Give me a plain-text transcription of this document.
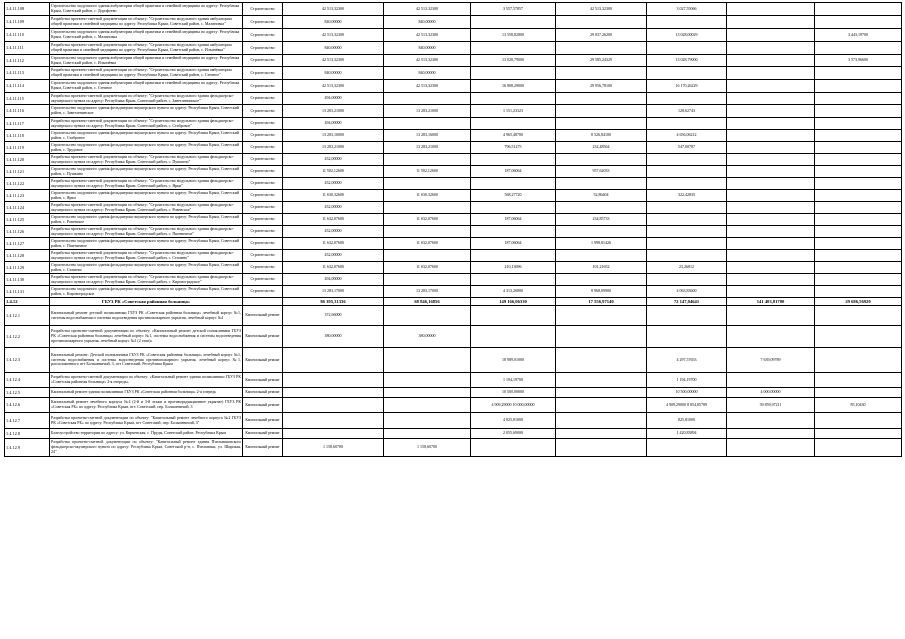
1.4.11.108	Строительство модульного здания амбулатории общей практики и семейной медицины по адресу: Республика Крым, Советский район, с. Дорофеево	Строительство	42 513,32300	42 513,32300	3 557,57857	42 513,32300	3 027,55066		
1.4.11.109	Разработка проектно-сметной документации по объекту: "Строительство модульного здания амбулатории общей практики и семейной медицины по адресу: Республика Крым, Советский район, с. Малиновка"	Строительство	840,00000	840,00000					
1.4.11.110	Строительство модульного здания амбулатории общей практики и семейной медицины по адресу: Республика Крым, Советский район, с. Малиновка	Строительство	42 513,32300	42 513,32300	13 558,82800	29 037,26200	13 028,00029		3 443,19700
1.4.11.111	Разработка проектно-сметной документации по объекту: "Строительство модульного здания амбулатории общей практики и семейной медицины по адресу: Республика Крым, Советский район, с. Ильичёвка"	Строительство	840,00000	840,00000					
1.4.11.112	Строительство модульного здания амбулатории общей практики и семейной медицины по адресу: Республика Крым, Советский район, с. Ильичёвка	Строительство	42 513,32300	42 513,32300	13 028,79000	29 585,24329	13 028,79000		3 573,96600
1.4.11.113	Разработка проектно-сметной документации по объекту: "Строительство модульного здания амбулатории общей практики и семейной медицины по адресу: Республика Крым, Советский район, с. Степное"	Строительство	840,00000	840,00000					
1.4.11.114	Строительство модульного здания амбулатории общей практики и семейной медицины по адресу: Республика Крым, Советский район, с. Степное	Строительство	42 513,32300	42 513,32300	16 908,29000	29 956,78100	16 170,26229		
1.4.11.115	Разработка проектно-сметной документации по объекту: "Строительство модульного здания фельдшерско-акушерского пункта по адресу: Республика Крым, Советский район, с. Заветленинское"	Строительство	494,00000						
1.4.11.116	Строительство модульного здания фельдшерско-акушерского пункта по адресу: Республика Крым, Советский район, с. Заветленинское	Строительство	13 283,21000	13 283,21000	1 151,23323		128,62743		
1.4.11.117	Разработка проектно-сметной документации по объекту: "Строительство модульного здания фельдшерско-акушерского пункта по адресу: Республика Крым, Советский район, с. Стабровое"	Строительство	494,00000						
1.4.11.118	Строительство модульного здания фельдшерско-акушерского пункта по адресу: Республика Крым, Советский район, с. Стабровое	Строительство	13 283,16000	13 283,16000	4 965,48700	8 526,84100	4 656,06212		
1.4.11.119	Строительство модульного здания фельдшерско-акушерского пункта по адресу: Республика Крым, Советский район, с. Трудовое	Строительство	13 283,21000	13 283,21000	796,51275	232,48564	547,00787		
1.4.11.120	Разработка проектно-сметной документации по объекту: "Строительство модульного здания фельдшерско-акушерского пункта по адресу: Республика Крым, Советский район, с. Пушкино"	Строительство	432,00000						
1.4.11.121	Строительство модульного здания фельдшерско-акушерского пункта по адресу: Республика Крым, Советский район, с. Пушкино	Строительство	11 502,12600	11 502,12600	187,06064	957,62033			
1.4.11.122	Разработка проектно-сметной документации по объекту: "Строительство модульного здания фельдшерско-акушерского пункта по адресу: Республика Крым, Советский район, с. Ярки"	Строительство	432,00000						
1.4.11.123	Строительство модульного здания фельдшерско-акушерского пункта по адресу: Республика Крым, Советский район, с. Ярки	Строительство	11 630,32600	11 630,32600	568,27720	52,86404	322,42835		
1.4.11.124	Разработка проектно-сметной документации по объекту: "Строительство модульного здания фельдшерско-акушерского пункта по адресу: Республика Крым, Советский район, с. Ровенское"	Строительство	432,00000						
1.4.11.125	Строительство модульного здания фельдшерско-акушерского пункта по адресу: Республика Крым, Советский район, с. Ровенское	Строительство	11 632,07600	11 632,07600	187,06064	234,85733			
1.4.11.126	Разработка проектно-сметной документации по объекту: "Строительство модульного здания фельдшерско-акушерского пункта по адресу: Республика Крым, Советский район, с. Пшеничное"	Строительство	432,00000						
1.4.11.127	Строительство модульного здания фельдшерско-акушерского пункта по адресу: Республика Крым, Советский район, с. Пшеничное	Строительство	11 632,07600	11 632,07600	187,06064	1 998,81426			
1.4.11.128	Разработка проектно-сметной документации по объекту: "Строительство модульного здания фельдшерско-акушерского пункта по адресу: Республика Крым, Советский район, с. Сташево"	Строительство	432,00000						
1.4.11.129	Строительство модульного здания фельдшерско-акушерского пункта по адресу: Республика Крым, Советский район, с. Сташево	Строительство	11 632,07600	11 632,07600	210,13696	101,21652	23,26812		
1.4.11.130	Разработка проектно-сметной документации по объекту: "Строительство модульного здания фельдшерско-акушерского пункта по адресу: Республика Крым, Советский район, с. Кировоградское"	Строительство	494,00000						
1.4.11.131	Строительство модульного здания фельдшерско-акушерского пункта по адресу: Республика Крым, Советский район, с. Кировоградское	Строительство	13 283,17000	13 283,17000	4 313,26800	8 968,09900	4 063,83600		
1.4.12	ГБУЗ РК «Советская районная больница»		86 395,31336	68 846,16856	149 166,06330	17 556,97140	72 147,04641	141 403,81700	29 686,56920
1.4.12.1	Капитальный ремонт детской поликлиники ГБУЗ РК «Советская районная больница» лечебный корпус №1, системы водоснабжения и системы водоотведения противопожарного укрытия, лечебный корпус №1	Капитальный ремонт	372,66000						
1.4.12.2	Разработка проектно-сметной документации по объекту: «Капитальный ремонт детской поликлиники ГБУЗ РК «Советская районная больница» лечебный корпус №1, системы водоснабжения и системы водоотведения противопожарного укрытия, лечебный корпус №1 (2 этап)»	Капитальный ремонт	380,00000	380,00000					
1.4.12.3	Капитальный ремонт: Детской поликлиники ГБУЗ РК «Советская районная больница» лечебный корпус №1, системы водоснабжения и системы водоотведения противопожарного укрытия, лечебный корпус №1, расположенного пгт Большевичий, 3, пгт Советский, Республика Крым	Капитальный ремонт			18 989,01000		4 297,57653	7 639,09789	
1.4.12.4	Разработка проектно-сметной документации по объекту: «Капитальный ремонт здания поликлиники ГБУЗ РК «Советская районная больница» 2-я очередь»	Капитальный ремонт			1 194,19700		1 194,19700		
1.4.12.5	Капитальный ремонт здания поликлиники ГБУЗ РК «Советская районная больница» 2-я очередь	Капитальный ремонт			10 500,00000		10 500,00000	4 000,00000	
1.4.12.6	Капитальный ремонт лечебного корпуса №4 (2-й и 3-й этажи и противорадиационное укрытие) ГБУЗ РК «Советская РБ» по адресу: Республика Крым, пгт. Советский, пер. Большевичий, 3	Капитальный ремонт			4 909,29000 10 000,00000		4 909,29000 8 854,85789	39 859,97211	85,10430
1.4.12.7	Разработка проектно-сметной документации по объекту: "Капитальный ремонт лечебного корпуса №2 ГБУЗ РК «Советская РБ» по адресу: Республика Крым, пгт Советский, пер. Большевичий, 3"	Капитальный ремонт			4 825,81000		825,81000		
1.4.12.8	Благоустройство территории по адресу: ул. Кирчевская, с. Пруды, Советский район, Республика Крым	Капитальный ремонт			2 055,69000		1 420,83894		
1.4.12.9	Разработка проектно-сметной документации по объекту: "Капитальный ремонт здания Пчельниковского фельдшерско-акушерского пункта по адресу: Республика Крым, Советский р-н, с. Пчельники, ул. Широкая, 24"	Капитальный ремонт	1 158,60700	1 158,60700					
